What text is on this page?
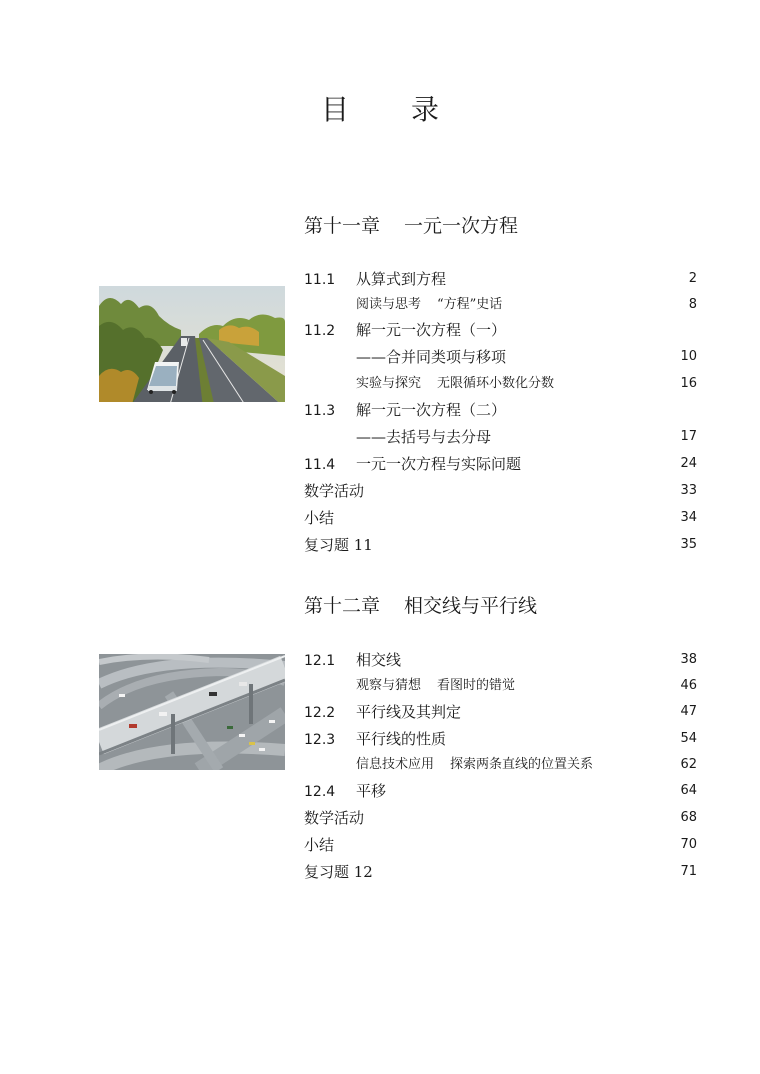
目 录
第十一章 一元一次方程
11.1 从算式到方程	2
阅读与思考 “方程”史话	8
11.2 解一元一次方程（一）
——合并同类项与移项	10
实验与探究 无限循环小数化分数	16
11.3 解一元一次方程（二）
——去括号与去分母	17
11.4 一元一次方程与实际问题	24
数学活动	33
小结	34
复习题 11	35
第十二章 相交线与平行线
12.1 相交线	38
观察与猜想 看图时的错觉	46
12.2 平行线及其判定	47
12.3 平行线的性质	54
信息技术应用 探索两条直线的位置关系	62
12.4 平移	64
数学活动	68
小结	70
复习题 12	71
